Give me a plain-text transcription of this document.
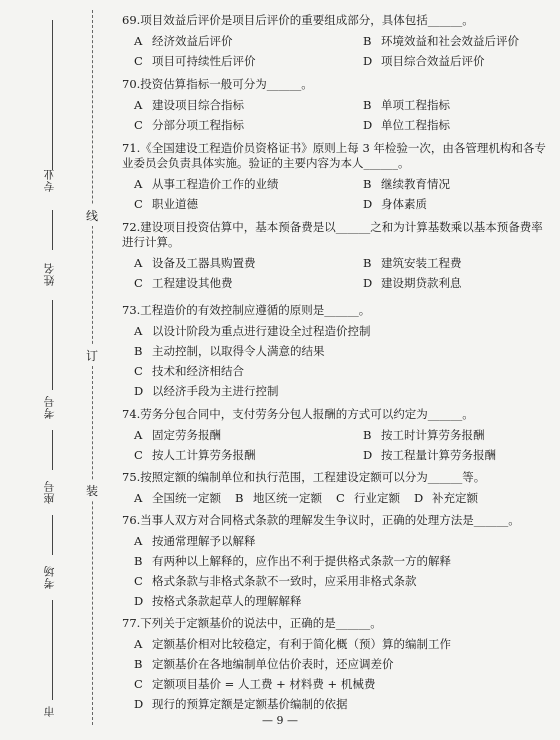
专业
姓名
考号
座号
考场
市
线
订
装

69.项目效益后评价是项目后评价的重要组成部分，具体包括______。

A 经济效益后评价	B 环境效益和社会效益后评价
C 项目可持续性后评价	D 项目综合效益后评价

70.投资估算指标一般可分为______。

A 建设项目综合指标	B 单项工程指标
C 分部分项工程指标	D 单位工程指标

71.《全国建设工程造价员资格证书》原则上每 3 年检验一次，由各管理机构和各专业委员会负责具体实施。验证的主要内容为本人______。

A 从事工程造价工作的业绩	B 继续教育情况
C 职业道德	D 身体素质

72.建设项目投资估算中，基本预备费是以______之和为计算基数乘以基本预备费率进行计算。

A 设备及工器具购置费	B 建筑安装工程费
C 工程建设其他费	D 建设期贷款利息

73.工程造价的有效控制应遵循的原则是______。

A 以设计阶段为重点进行建设全过程造价控制
B 主动控制，以取得令人满意的结果
C 技术和经济相结合
D 以经济手段为主进行控制

74.劳务分包合同中，支付劳务分包人报酬的方式可以约定为______。

A 固定劳务报酬	B 按工时计算劳务报酬
C 按人工计算劳务报酬	D 按工程量计算劳务报酬

75.按照定额的编制单位和执行范围，工程建设定额可以分为______等。

A 全国统一定额 B 地区统一定额 C 行业定额 D 补充定额

76.当事人双方对合同格式条款的理解发生争议时，正确的处理方法是______。

A 按通常理解予以解释
B 有两种以上解释的，应作出不利于提供格式条款一方的解释
C 格式条款与非格式条款不一致时，应采用非格式条款
D 按格式条款起草人的理解解释

77.下列关于定额基价的说法中，正确的是______。

A 定额基价相对比较稳定，有利于简化概（预）算的编制工作
B 定额基价在各地编制单位估价表时，还应调差价
C 定额项目基价 = 人工费 + 材料费 + 机械费
D 现行的预算定额是定额基价编制的依据
— 9 —
